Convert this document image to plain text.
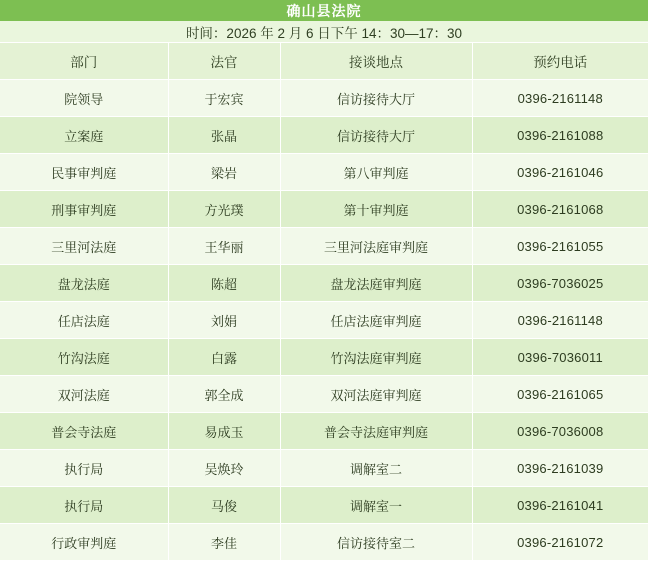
确山县法院
时间：2026 年 2 月 6 日下午 14：30—17：30
部门	法官	接谈地点	预约电话
院领导	于宏宾	信访接待大厅	0396-2161148
立案庭	张晶	信访接待大厅	0396-2161088
民事审判庭	梁岩	第八审判庭	0396-2161046
刑事审判庭	方光璞	第十审判庭	0396-2161068
三里河法庭	王华丽	三里河法庭审判庭	0396-2161055
盘龙法庭	陈超	盘龙法庭审判庭	0396-7036025
任店法庭	刘娟	任店法庭审判庭	0396-2161148
竹沟法庭	白露	竹沟法庭审判庭	0396-7036011
双河法庭	郭全成	双河法庭审判庭	0396-2161065
普会寺法庭	易成玉	普会寺法庭审判庭	0396-7036008
执行局	吴焕玲	调解室二	0396-2161039
执行局	马俊	调解室一	0396-2161041
行政审判庭	李佳	信访接待室二	0396-2161072
